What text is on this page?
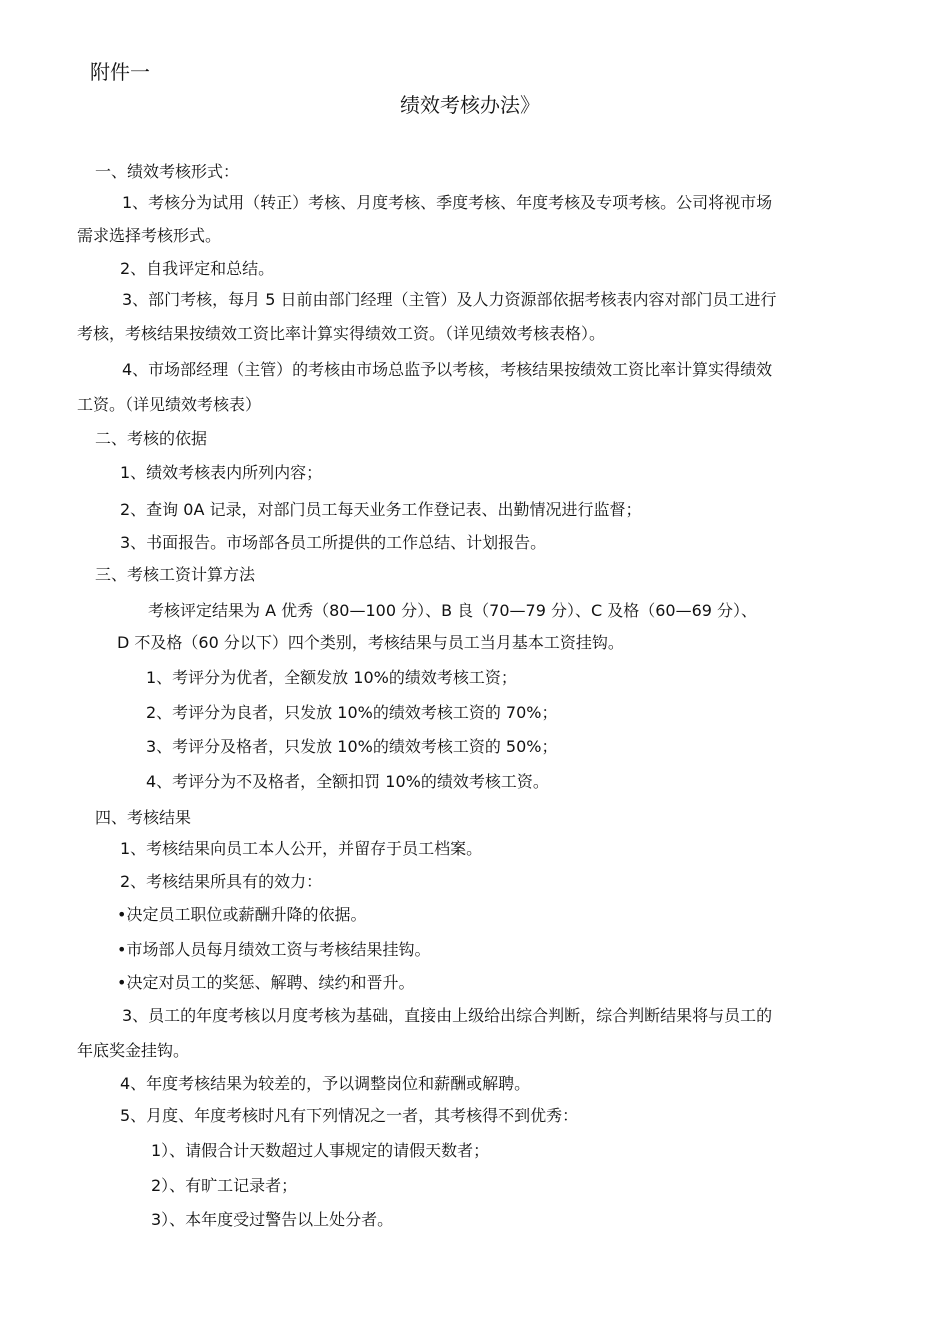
附件一
绩效考核办法》
一、绩效考核形式：
1、考核分为试用（转正）考核、月度考核、季度考核、年度考核及专项考核。公司将视市场
需求选择考核形式。
2、自我评定和总结。
3、部门考核，每月 5 日前由部门经理（主管）及人力资源部依据考核表内容对部门员工进行
考核，考核结果按绩效工资比率计算实得绩效工资。（详见绩效考核表格）。
4、市场部经理（主管）的考核由市场总监予以考核，考核结果按绩效工资比率计算实得绩效
工资。（详见绩效考核表）
二、考核的依据
1、绩效考核表内所列内容；
2、查询 0A 记录，对部门员工每天业务工作登记表、出勤情况进行监督；
3、书面报告。市场部各员工所提供的工作总结、计划报告。
三、考核工资计算方法
考核评定结果为 A 优秀（80—100 分）、B 良（70—79 分）、C 及格（60—69 分）、
D 不及格（60 分以下）四个类别，考核结果与员工当月基本工资挂钩。
1、考评分为优者，全额发放 10%的绩效考核工资；
2、考评分为良者，只发放 10%的绩效考核工资的 70%；
3、考评分及格者，只发放 10%的绩效考核工资的 50%；
4、考评分为不及格者，全额扣罚 10%的绩效考核工资。
四、考核结果
1、考核结果向员工本人公开，并留存于员工档案。
2、考核结果所具有的效力：
•决定员工职位或薪酬升降的依据。
•市场部人员每月绩效工资与考核结果挂钩。
•决定对员工的奖惩、解聘、续约和晋升。
3、员工的年度考核以月度考核为基础，直接由上级给出综合判断，综合判断结果将与员工的
年底奖金挂钩。
4、年度考核结果为较差的，予以调整岗位和薪酬或解聘。
5、月度、年度考核时凡有下列情况之一者，其考核得不到优秀：
1）、请假合计天数超过人事规定的请假天数者；
2）、有旷工记录者；
3）、本年度受过警告以上处分者。
